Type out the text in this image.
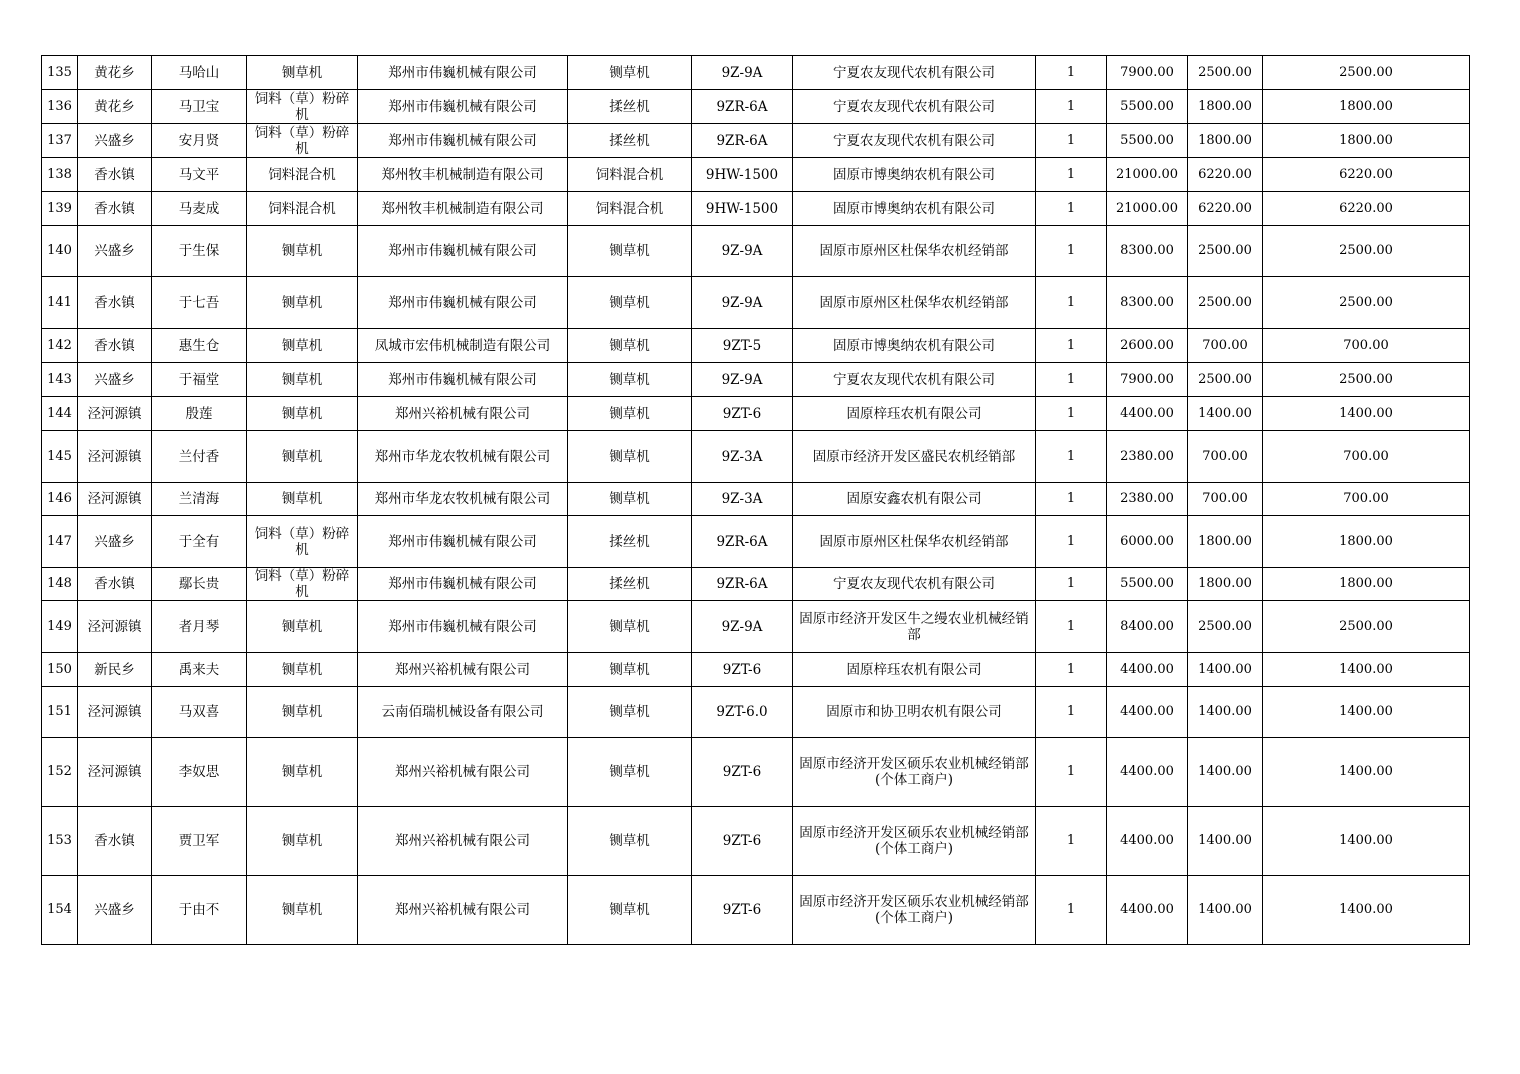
135	黄花乡	马哈山	铡草机	郑州市伟巍机械有限公司	铡草机	9Z-9A	宁夏农友现代农机有限公司	1	7900.00	2500.00	2500.00
136	黄花乡	马卫宝	饲料（草）粉碎机	郑州市伟巍机械有限公司	揉丝机	9ZR-6A	宁夏农友现代农机有限公司	1	5500.00	1800.00	1800.00
137	兴盛乡	安月贤	饲料（草）粉碎机	郑州市伟巍机械有限公司	揉丝机	9ZR-6A	宁夏农友现代农机有限公司	1	5500.00	1800.00	1800.00
138	香水镇	马文平	饲料混合机	郑州牧丰机械制造有限公司	饲料混合机	9HW-1500	固原市博奥纳农机有限公司	1	21000.00	6220.00	6220.00
139	香水镇	马麦成	饲料混合机	郑州牧丰机械制造有限公司	饲料混合机	9HW-1500	固原市博奥纳农机有限公司	1	21000.00	6220.00	6220.00
140	兴盛乡	于生保	铡草机	郑州市伟巍机械有限公司	铡草机	9Z-9A	固原市原州区杜保华农机经销部	1	8300.00	2500.00	2500.00
141	香水镇	于七吾	铡草机	郑州市伟巍机械有限公司	铡草机	9Z-9A	固原市原州区杜保华农机经销部	1	8300.00	2500.00	2500.00
142	香水镇	惠生仓	铡草机	凤城市宏伟机械制造有限公司	铡草机	9ZT-5	固原市博奥纳农机有限公司	1	2600.00	700.00	700.00
143	兴盛乡	于福堂	铡草机	郑州市伟巍机械有限公司	铡草机	9Z-9A	宁夏农友现代农机有限公司	1	7900.00	2500.00	2500.00
144	泾河源镇	殷莲	铡草机	郑州兴裕机械有限公司	铡草机	9ZT-6	固原梓珏农机有限公司	1	4400.00	1400.00	1400.00
145	泾河源镇	兰付香	铡草机	郑州市华龙农牧机械有限公司	铡草机	9Z-3A	固原市经济开发区盛民农机经销部	1	2380.00	700.00	700.00
146	泾河源镇	兰清海	铡草机	郑州市华龙农牧机械有限公司	铡草机	9Z-3A	固原安鑫农机有限公司	1	2380.00	700.00	700.00
147	兴盛乡	于全有	饲料（草）粉碎机	郑州市伟巍机械有限公司	揉丝机	9ZR-6A	固原市原州区杜保华农机经销部	1	6000.00	1800.00	1800.00
148	香水镇	鄢长贵	饲料（草）粉碎机	郑州市伟巍机械有限公司	揉丝机	9ZR-6A	宁夏农友现代农机有限公司	1	5500.00	1800.00	1800.00
149	泾河源镇	者月琴	铡草机	郑州市伟巍机械有限公司	铡草机	9Z-9A	固原市经济开发区牛之缦农业机械经销部	1	8400.00	2500.00	2500.00
150	新民乡	禹来夫	铡草机	郑州兴裕机械有限公司	铡草机	9ZT-6	固原梓珏农机有限公司	1	4400.00	1400.00	1400.00
151	泾河源镇	马双喜	铡草机	云南佰瑞机械设备有限公司	铡草机	9ZT-6.0	固原市和协卫明农机有限公司	1	4400.00	1400.00	1400.00
152	泾河源镇	李奴思	铡草机	郑州兴裕机械有限公司	铡草机	9ZT-6	固原市经济开发区硕乐农业机械经销部(个体工商户)	1	4400.00	1400.00	1400.00
153	香水镇	贾卫军	铡草机	郑州兴裕机械有限公司	铡草机	9ZT-6	固原市经济开发区硕乐农业机械经销部(个体工商户)	1	4400.00	1400.00	1400.00
154	兴盛乡	于由不	铡草机	郑州兴裕机械有限公司	铡草机	9ZT-6	固原市经济开发区硕乐农业机械经销部(个体工商户)	1	4400.00	1400.00	1400.00
